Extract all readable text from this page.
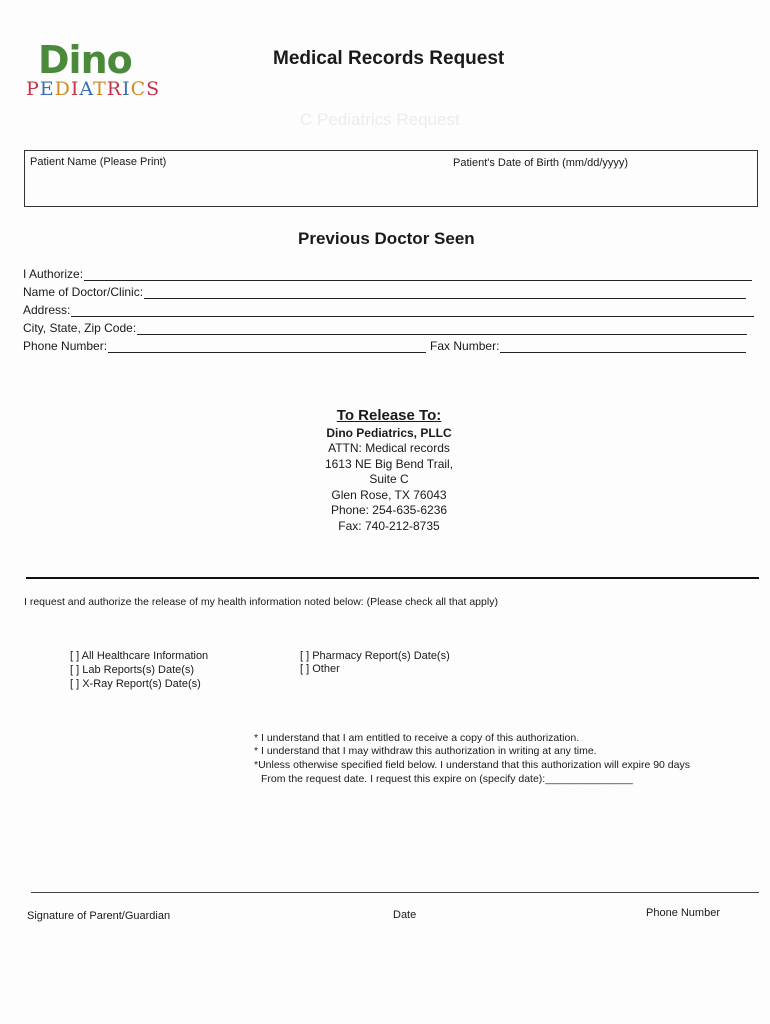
Dino
PEDIATRICS
Medical Records Request
C Pediatrics Request
Patient Name (Please Print)	Patient's Date of Birth (mm/dd/yyyy)
Previous Doctor Seen
I Authorize:
Name of Doctor/Clinic:
Address:
City, State, Zip Code:
Phone Number:	Fax Number:
To Release To:
Dino Pediatrics, PLLC
ATTN: Medical records
1613 NE Big Bend Trail,
Suite C
Glen Rose, TX 76043
Phone: 254-635-6236
Fax: 740-212-8735
I request and authorize the release of my health information noted below: (Please check all that apply)
[ ] All Healthcare Information
[ ] Lab Reports(s) Date(s)
[ ] X-Ray Report(s) Date(s)
[ ] Pharmacy Report(s) Date(s)
[ ] Other
* I understand that I am entitled to receive a copy of this authorization.
* I understand that I may withdraw this authorization in writing at any time.
*Unless otherwise specified field below. I understand that this authorization will expire 90 days
From the request date. I request this expire on (specify date):_______________
Signature of Parent/Guardian	Date	Phone Number
